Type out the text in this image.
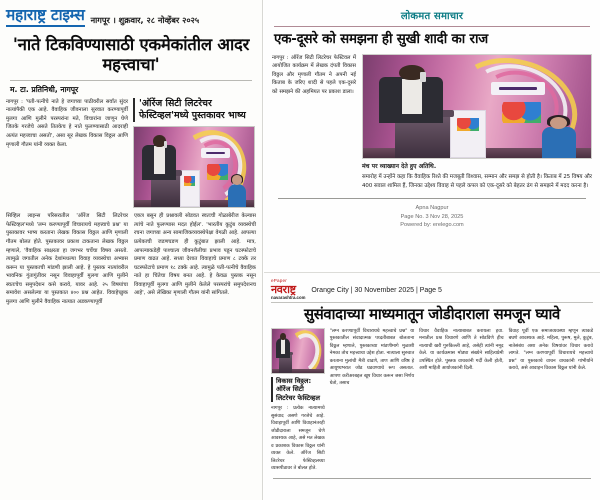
महाराष्ट्र टाइम्स नागपूर । शुक्रवार, २८ नोव्हेंबर २०२५
'नाते टिकविण्यासाठी एकमेकांतील आदर महत्त्वाचा'
म. टा. प्रतिनिधी, नागपूर
नागपूर : 'पती-पत्नीचे नाते हे जगाच्या पाठीवरील सर्वांत सुंदर नात्यांपैकी एक आहे. वैवाहिक जीवनाला सुरवात करण्यापूर्वी मुलगा आणि मुलीने परस्परांना मते, विचारांना जाणून घेणे जितके गरजेचे असते तितकेच हे नाते फुलण्यासाठी आदराही अत्यंत महत्त्वाचा असतो', असा सूर लेखक विकास विठ्ठल आणि मृणाली गौतम यांनी व्यक्त केला.
'ऑरेंज सिटी लिटरेचर फेस्टिव्हल'मध्ये पुस्तकावर भाष्य
सिव्हिल लाइन्स परिसरातील 'ऑरेंज सिटी लिटरेचर फेस्टिव्हल'मध्ये 'लग्न करण्यापूर्वी विचारायचे महत्त्वाचे प्रश्न' या पुस्तकावर भाष्य करताना लेखक विकास विठ्ठल आणि मृणाली गौतम बोलत होते. पुस्तकावर प्रकाश टाकताना लेखक विठ्ठल म्हणाले, 'वैवाहिक साक्षरता हा जगभर चर्चेचा विषय असतो. त्यामुळे जगातील अनेक देशांमधल्या विवाह व्यवस्थेचा अभ्यास करून या पुस्तकाची मांडणी झाली आहे. हे पुस्तक नात्यांवरील भावनिक गुंतागुंतीवर नसून विवाहापूर्वी मुलगा आणि मुलीने स्वतःचेच समुपदेशन कसे करावे, यावर आहे. २५ विषयांचा समावेश असलेल्या या पुस्तकात ४०० प्रश्न आहेत. विवाहेच्छुक मुलगा आणि मुलीने वैवाहिक नात्यात अडकण्यापूर्वी
एकत्र बसून ही प्रश्नावली सोडवत स्वतःची गोळाबेरीज केल्यास त्यांचे नाते फुलण्यास मदत होईल'. 'भारतीय कुटुंब व्यवस्थेची रचना जगाच्या अन्य सामाजिकव्यवस्थेपेक्षा वेगळी आहे. आपल्या प्रत्येकाची जडणघडण ही कुटुंबात झाली आहे. मात्र, आपल्याकडेही पाश्चात्य जीवनशैलीचा प्रभाव पडून घटस्फोटाचे प्रमाण वाढत आहे. सध्या देशात विवाहाचे प्रमाण ८ टक्के तर घटस्फोटाचे प्रमाण १८ टक्के आहे. त्यामुळे पती-पत्नीचे वैवाहिक नाते हा चिंतेचा विषय बनत आहे. हे केवळ पुस्तक नसून विवाहापूर्वी मुलगा आणि मुलीने केलेले परस्परांचे समुपदेशनच आहे', असे लेखिका मृणाली गौतम यांनी सांगितले.
लोकमत समाचार
एक-दूसरे को समझना ही सुखी शादी का राज
नागपुर : ऑरेंज सिटी लिटरेचर फेस्टिवल में आयोजित कार्यक्रम में लेखक दंपती विकास विठ्ठल और मृणाली गौतम ने अपनी नई किताब के जरिए शादी से पहले एक-दूसरे को समझने की अहमियत पर प्रकाश डाला।
मंच पर व्याख्यान देते हुए अतिथि.
समारोह में उन्होंने कहा कि वैवाहिक रिश्ते की मजबूती विश्वास, सम्मान और समझ से होती है। किताब में 25 विषय और 400 सवाल शामिल हैं, जिनका उद्देश्य विवाह से पहले कपल को एक-दूसरे को बेहतर ढंग से समझने में मदद करना है।
Apna Nagpur
Page No. 3 Nov 28, 2025
Powered by: erelego.com
ePaper
नवराष्ट्र
navarashtra.com
Orange City | 30 November 2025 | Page 5
सुसंवादाच्या माध्यमातून जोडीदाराला समजून घ्यावे
विकास विठ्ठल: ऑरेंज सिटी लिटरेचर फेस्टिव्हल
नागपूर : प्रत्येक नात्यामध्ये सुसंवाद असणे गरजेचे आहे. विवाहापूर्वी आणि विवाहानंतरही जोडीदाराला समजून घेणे आवश्यक आहे, असे मत लेखक व प्रकाशक विकास विठ्ठल यांनी व्यक्त केले. ऑरेंज सिटी लिटरेचर फेस्टिव्हलच्या व्यासपीठावर ते बोलत होते.
"लग्न करण्यापूर्वी विचारायचे महत्त्वाचे प्रश्न" या पुस्तकातील संवादात्मक पध्दतीबाबत बोलताना विठ्ठल म्हणाले, पुस्तकाच्या मांडणीमागे मुळाशी नेमका तोच महत्त्वाचा उद्देश होता. नात्याला सुरुवात करताना मुलांची मैत्री वाढणे, ताण आणि वरिष्ठ हे आयुष्यभरात जोड घडवण्याचे रूप असतात. आपण करीअरबद्दल खूप विचार करून जसा निर्णय घेतो, तसाच
विचार वैवाहिक नात्याबाबत करायला हवा. मनातील प्रश्न विचारणे आणि ते सोडविणे हीच नात्याची खरी गुरुकिल्ली आहे, असेही त्यांनी नमूद केले. या कार्यक्रमास मोठ्या संख्येने साहित्यप्रेमी उपस्थित होते. पुस्तक वाचकांनी गर्दी केली होती, अशी माहिती आयोजकांनी दिली.
विवाह पूर्वी एक समाजव्यवस्था म्हणून त्याकडे बघणे आवश्यक आहे. महिला, पुरूष, मुले, कुटुंब, नातेसंबंध अशा अनेक विषयांवर विचार करावे लागते. "लग्न करण्यापूर्वी विचारायचे महत्त्वाचे प्रश्न" या पुस्तकाचे वाचन वाचकांनी गांभीर्याने करावे, असे आवाहन विकास विठ्ठल यांनी केले.
